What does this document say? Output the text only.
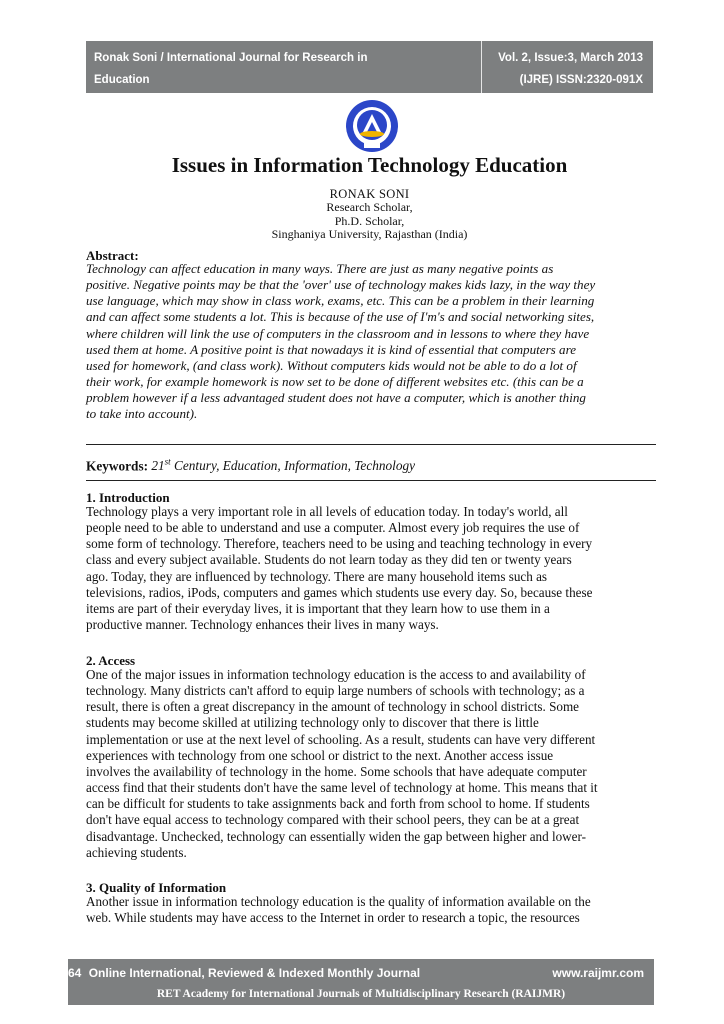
Ronak Soni / International Journal for Research in
Education
Vol. 2, Issue:3, March 2013
(IJRE) ISSN:2320-091X
Issues in Information Technology Education
RONAK SONI
Research Scholar,
Ph.D. Scholar,
Singhaniya University, Rajasthan (India)
Abstract:
Technology can affect education in many ways. There are just as many negative points as
positive. Negative points may be that the 'over' use of technology makes kids lazy, in the way they
use language, which may show in class work, exams, etc. This can be a problem in their learning
and can affect some students a lot. This is because of the use of I'm's and social networking sites,
where children will link the use of computers in the classroom and in lessons to where they have
used them at home. A positive point is that nowadays it is kind of essential that computers are
used for homework, (and class work). Without computers kids would not be able to do a lot of
their work, for example homework is now set to be done of different websites etc. (this can be a
problem however if a less advantaged student does not have a computer, which is another thing
to take into account).
Keywords: 21st Century, Education, Information, Technology
1. Introduction
Technology plays a very important role in all levels of education today. In today's world, all
people need to be able to understand and use a computer. Almost every job requires the use of
some form of technology. Therefore, teachers need to be using and teaching technology in every
class and every subject available. Students do not learn today as they did ten or twenty years
ago. Today, they are influenced by technology. There are many household items such as
televisions, radios, iPods, computers and games which students use every day. So, because these
items are part of their everyday lives, it is important that they learn how to use them in a
productive manner. Technology enhances their lives in many ways.
2. Access
One of the major issues in information technology education is the access to and availability of
technology. Many districts can't afford to equip large numbers of schools with technology; as a
result, there is often a great discrepancy in the amount of technology in school districts. Some
students may become skilled at utilizing technology only to discover that there is little
implementation or use at the next level of schooling. As a result, students can have very different
experiences with technology from one school or district to the next. Another access issue
involves the availability of technology in the home. Some schools that have adequate computer
access find that their students don't have the same level of technology at home. This means that it
can be difficult for students to take assignments back and forth from school to home. If students
don't have equal access to technology compared with their school peers, they can be at a great
disadvantage. Unchecked, technology can essentially widen the gap between higher and lower-
achieving students.
3. Quality of Information
Another issue in information technology education is the quality of information available on the
web. While students may have access to the Internet in order to research a topic, the resources
64 Online International, Reviewed & Indexed Monthly Journal	www.raijmr.com
RET Academy for International Journals of Multidisciplinary Research (RAIJMR)
